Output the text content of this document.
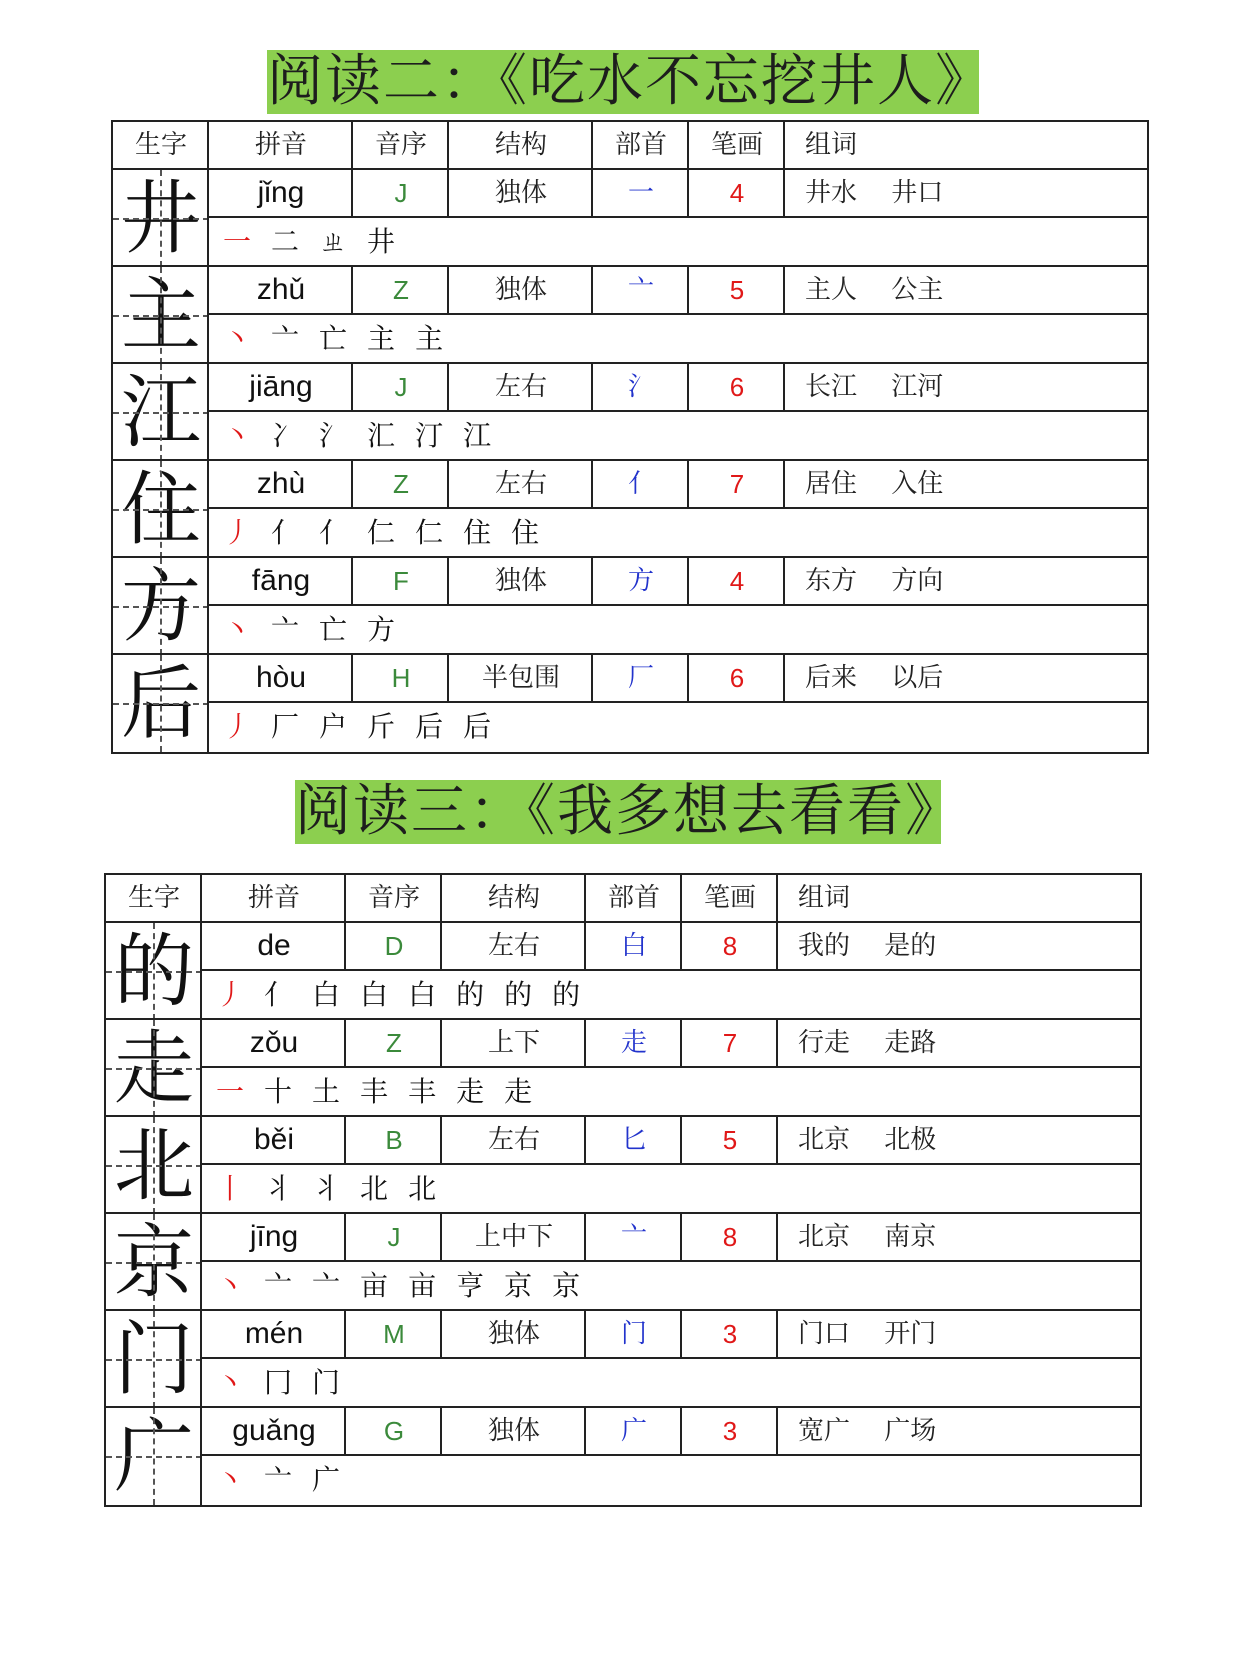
阅读二：《吃水不忘挖井人》
生字	拼音	音序	结构	部首	笔画	组词
井	jǐng	J	独体	一	4	井水　 井口
一 二 ㄓ 井
主	zhǔ	Z	独体	亠	5	主人　 公主
丶 亠 亡 主 主
江	jiāng	J	左右	氵	6	长江　 江河
丶 冫 氵 汇 汀 江
住	zhù	Z	左右	亻	7	居住　 入住
丿 亻 亻 仁 仁 住 住
方	fāng	F	独体	方	4	东方　 方向
丶 亠 亡 方
后	hòu	H	半包围	厂	6	后来　 以后
丿 厂 户 斤 后 后
阅读三：《我多想去看看》
生字	拼音	音序	结构	部首	笔画	组词
的	de	D	左右	白	8	我的　 是的
丿 亻 白 白 白 的 的 的
走	zǒu	Z	上下	走	7	行走　 走路
一 十 土 丰 丰 走 走
北	běi	B	左右	匕	5	北京　 北极
丨 丬 丬 北 北
京	jīng	J	上中下	亠	8	北京　 南京
丶 亠 亠 亩 亩 亨 京 京
门	mén	M	独体	门	3	门口　 开门
丶 冂 门
广	guǎng	G	独体	广	3	宽广　 广场
丶 亠 广
